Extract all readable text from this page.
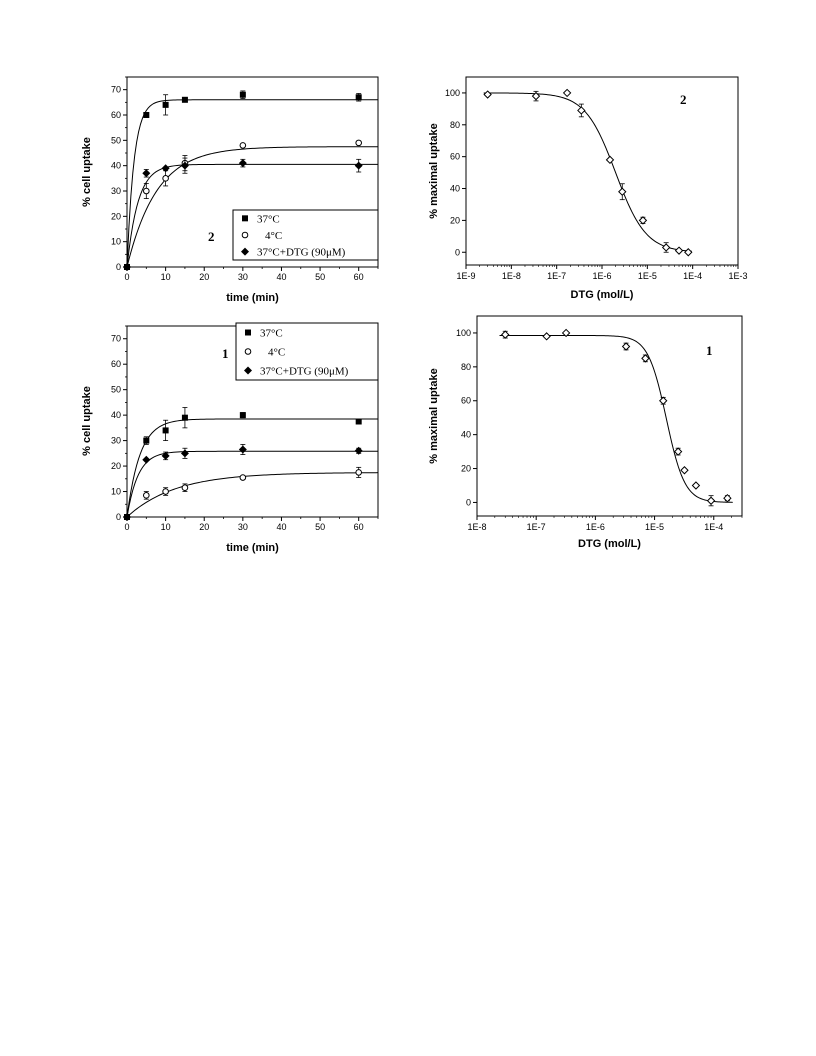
0
10
20
30
40
50
60
70
0	10	20	30	40	50	60
time (min)
% cell uptake
2
37°C
4°C
37°C+DTG (90μM)	0
20
40
60
80
100
1E-9	1E-8	1E-7	1E-6	1E-5	1E-4	1E-3
DTG (mol/L)
% maximal uptake
2
0
10
20
30
40
50
60
70
0	10	20	30	40	50	60
time (min)
% cell uptake
1
37°C
4°C
37°C+DTG (90μM)
0
20
40
60
80
100
1E-8	1E-7	1E-6	1E-5	1E-4
DTG (mol/L)
% maximal uptake
1
